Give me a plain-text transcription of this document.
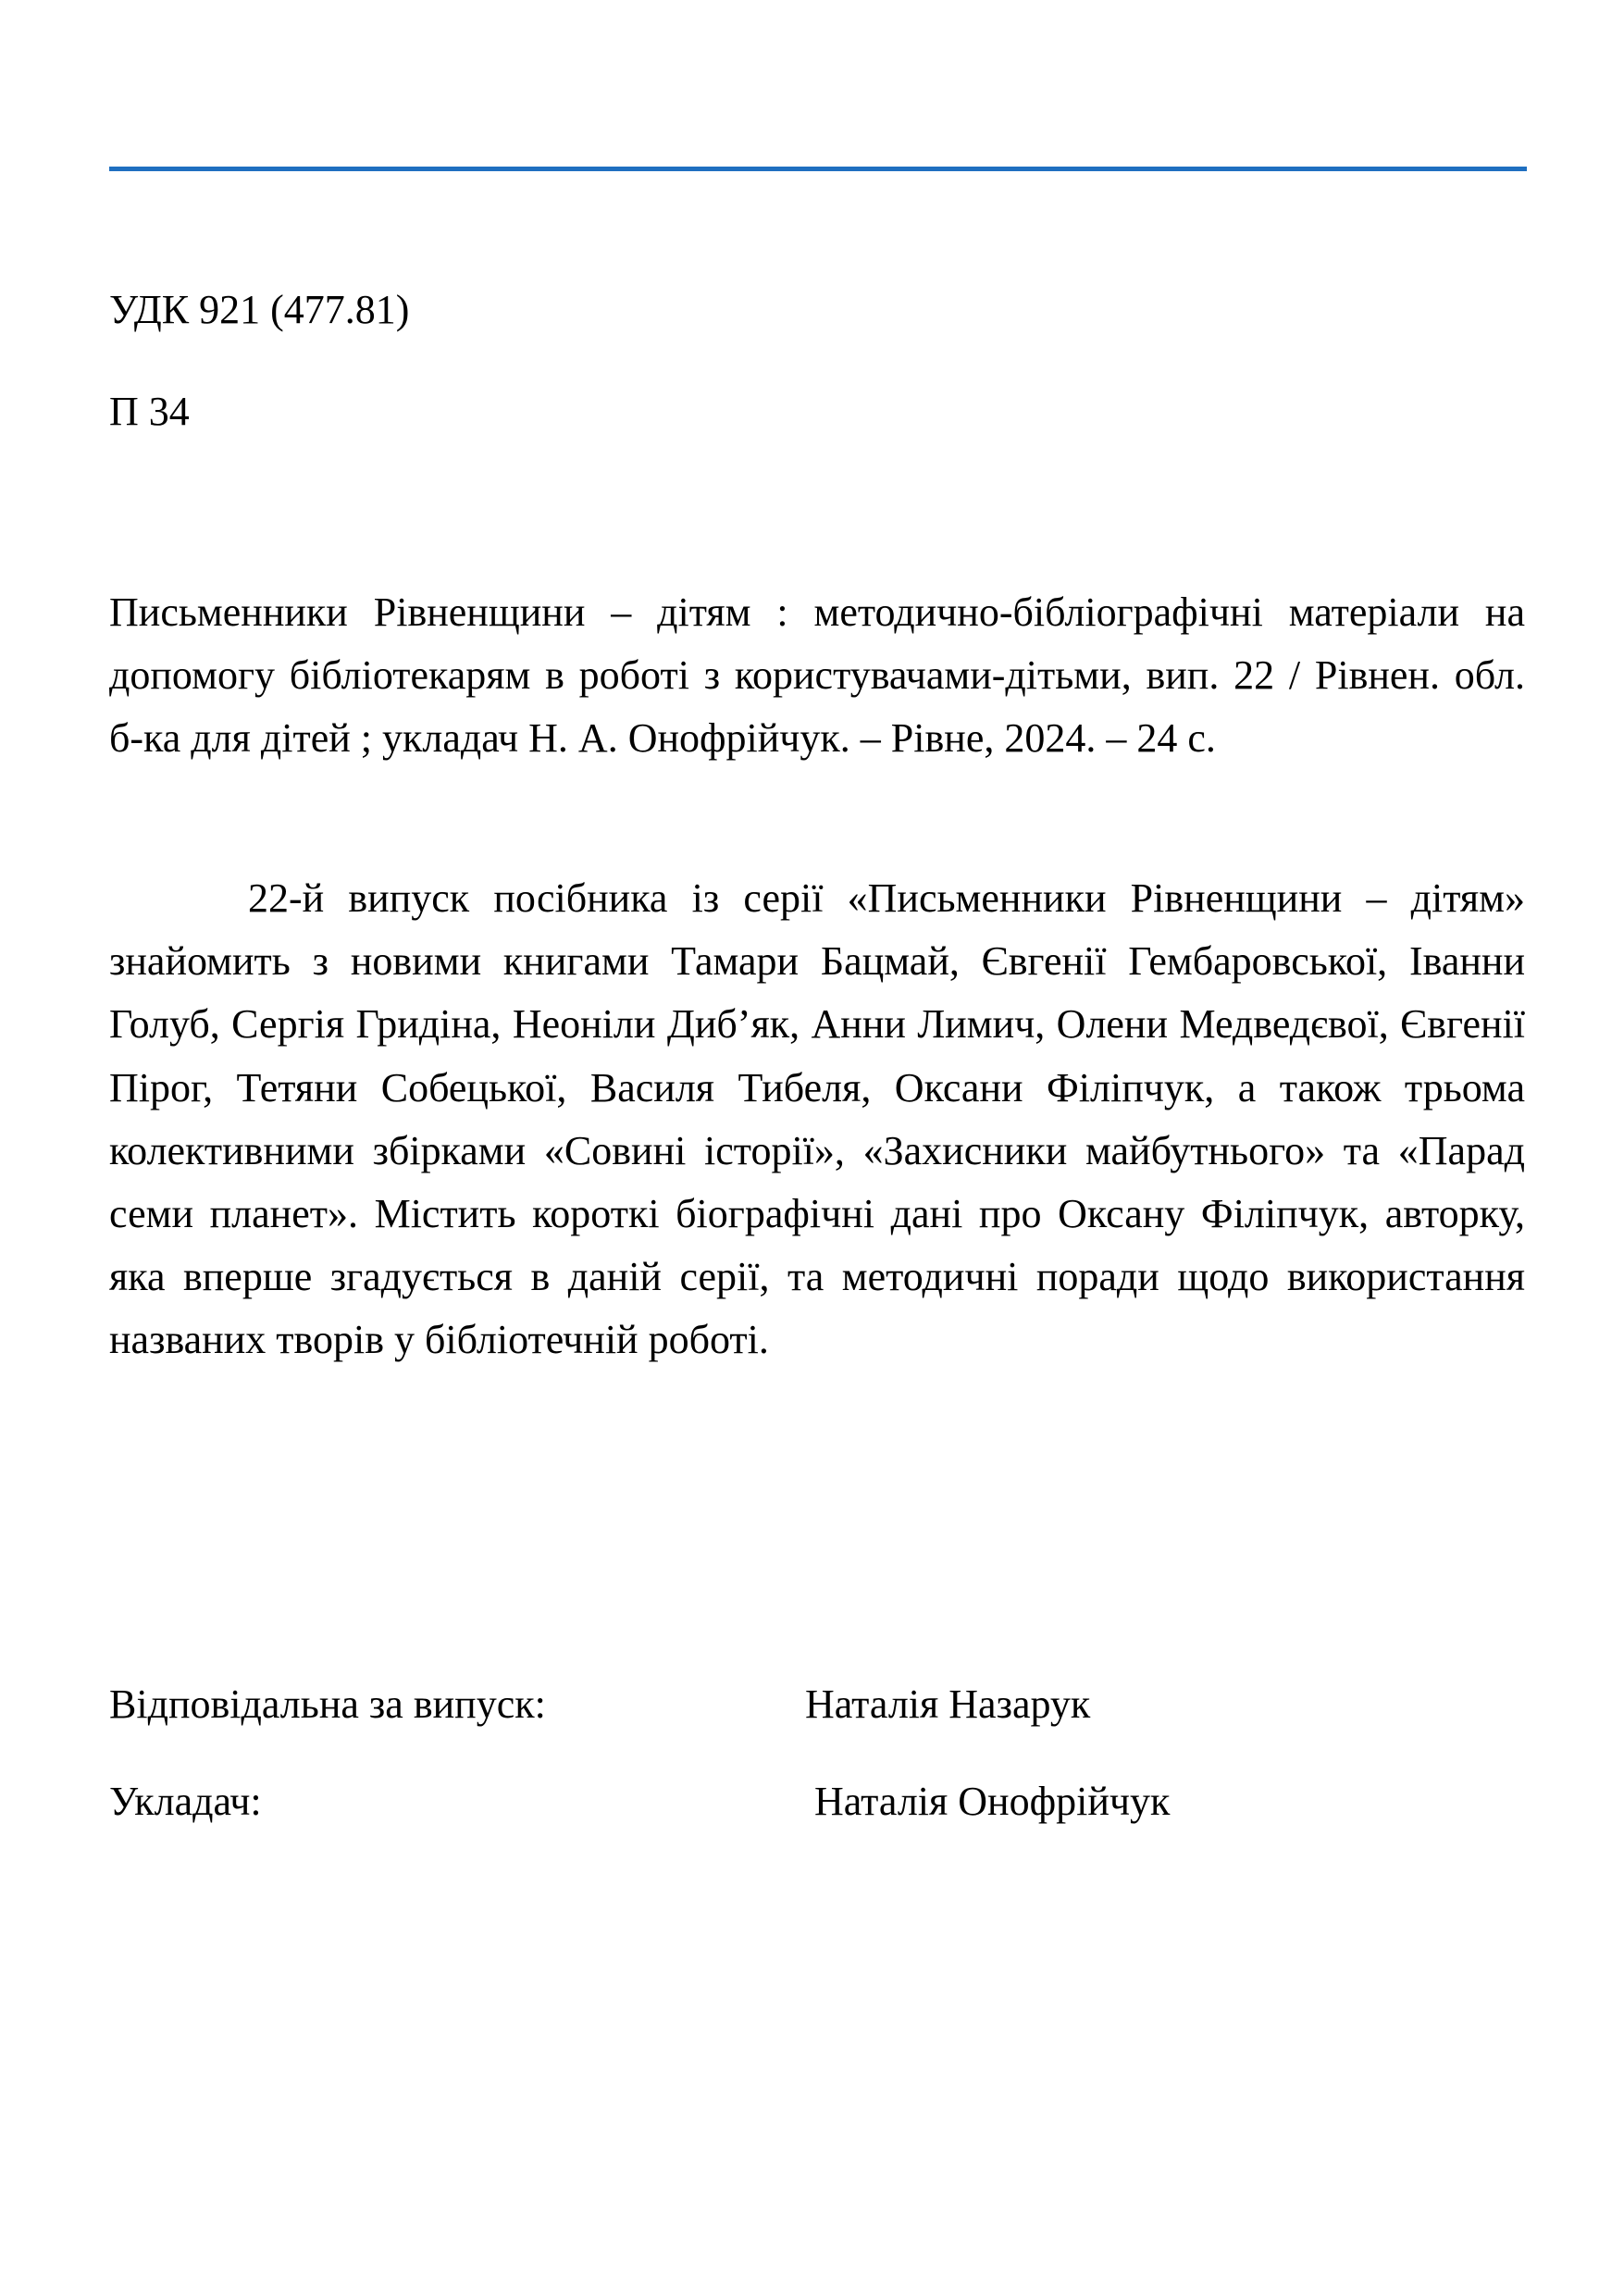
УДК 921 (477.81)
П 34
Письменники Рівненщини – дітям : методично-бібліографічні матеріали на допомогу бібліотекарям в роботі з користувачами-дітьми, вип. 22 / Рівнен. обл. б-ка для дітей ; укладач Н. А. Онофрійчук. – Рівне, 2024. – 24 с.
22-й випуск посібника із серії «Письменники Рівненщини – дітям» знайомить з новими книгами Тамари Бацмай, Євгенії Гембаровської, Іванни Голуб, Сергія Гридіна, Неоніли Диб’як, Анни Лимич, Олени Медведєвої, Євгенії Пірог, Тетяни Собецької, Василя Тибеля, Оксани Філіпчук, а також трьома колективними збірками «Совині історії», «Захисники майбутнього» та «Парад семи планет». Містить короткі біографічні дані про Оксану Філіпчук, авторку, яка вперше згадується в даній серії, та методичні поради щодо використання названих творів у бібліотечній роботі.
Відповідальна за випуск:	Наталія Назарук
Укладач:	Наталія Онофрійчук
